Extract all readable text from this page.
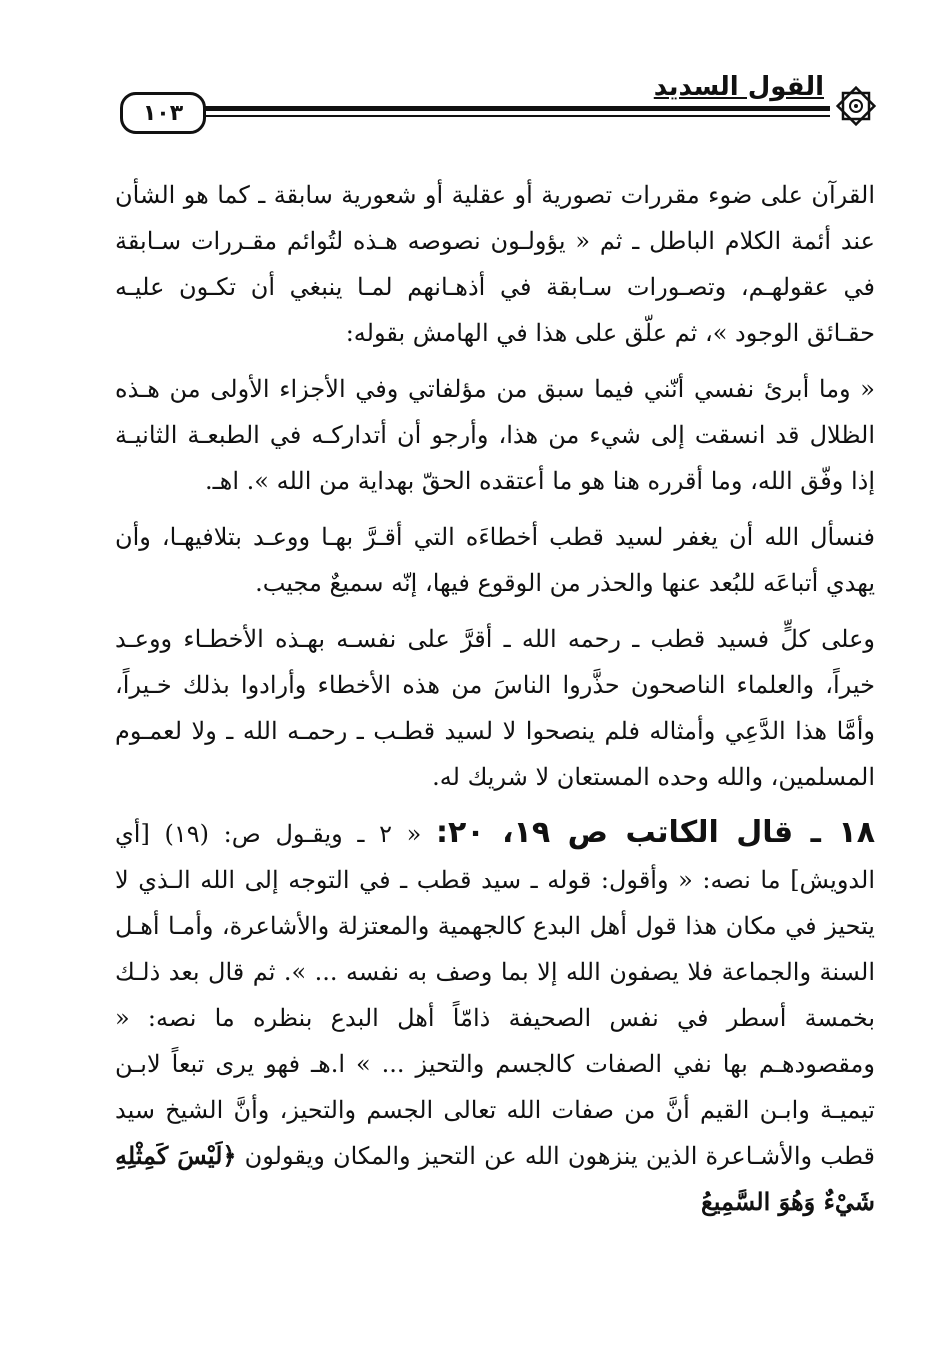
١٠٣
القول السديد

القرآن على ضوء مقررات تصورية أو عقلية أو شعورية سابقة ـ كما هو الشأن عند أئمة الكلام الباطل ـ ثم « يؤولـون نصوصه هـذه لتُوائم مقـررات سـابقة في عقولهـم، وتصـورات سـابقة في أذهـانهم لمـا ينبغي أن تكـون عليـه حقـائق الوجود »، ثم علّق على هذا في الهامش بقوله:

« وما أبرئ نفسي أنّني فيما سبق من مؤلفاتي وفي الأجزاء الأولى من هـذه الظلال قد انسقت إلى شيء من هذا، وأرجو أن أتداركـه في الطبعـة الثانيـة إذا وفّق الله، وما أقرره هنا هو ما أعتقده الحقّ بهداية من الله ». اهـ.

فنسأل الله أن يغفر لسيد قطب أخطاءَه التي أقـرَّ بهـا ووعـد بتلافيهـا، وأن يهدي أتباعَه للبُعد عنها والحذر من الوقوع فيها، إنّه سميعٌ مجيب.

وعلى كلٍّ فسيد قطب ـ رحمه الله ـ أقرَّ على نفسـه بهـذه الأخطـاء ووعـد خيراً، والعلماء الناصحون حذَّروا الناسَ من هذه الأخطاء وأرادوا بذلك خـيراً، وأمَّا هذا الدَّعِي وأمثاله فلم ينصحوا لا لسيد قطـب ـ رحمـه الله ـ ولا لعمـوم المسلمين، والله وحده المستعان لا شريك له.

١٨ ـ قال الكاتب ص ١٩، ٢٠: « ٢ ـ ويقـول ص: (١٩) [أي الدويش] ما نصه: « وأقول: قوله ـ سيد قطب ـ في التوجه إلى الله الـذي لا يتحيز في مكان هذا قول أهل البدع كالجهمية والمعتزلة والأشاعرة، وأمـا أهـل السنة والجماعة فلا يصفون الله إلا بما وصف به نفسه ... ». ثم قال بعد ذلـك بخمسة أسطر في نفس الصحيفة ذامّاً أهل البدع بنظره ما نصه: « ومقصودهـم بها نفي الصفات كالجسم والتحيز ... » ا.هـ فهو يرى تبعاً لابـن تيميـة وابـن القيم أنَّ من صفات الله تعالى الجسم والتحيز، وأنَّ الشيخ سيد قطب والأشـاعرة الذين ينزهون الله عن التحيز والمكان ويقولون ﴿لَيْسَ كَمِثْلِهِ شَيْءٌ وَهُوَ السَّمِيعُ
